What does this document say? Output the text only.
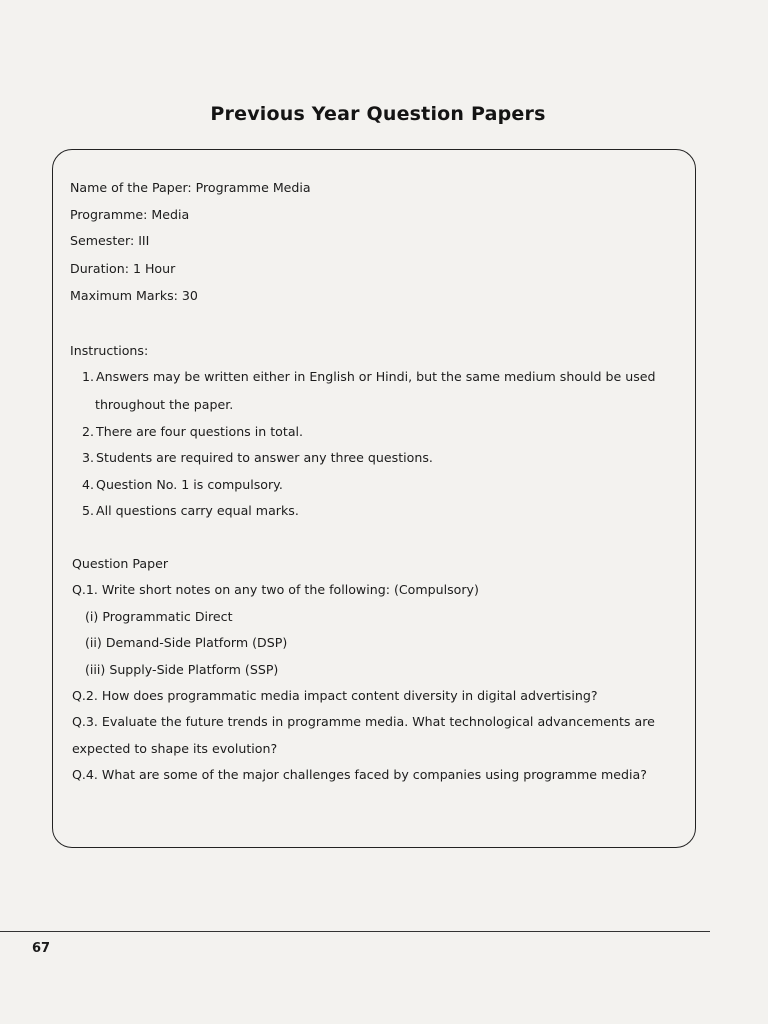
Previous Year Question Papers
Name of the Paper: Programme Media
Programme: Media
Semester: III
Duration: 1 Hour
Maximum Marks: 30
Instructions:
1. Answers may be written either in English or Hindi, but the same medium should be used
throughout the paper.
2. There are four questions in total.
3. Students are required to answer any three questions.
4. Question No. 1 is compulsory.
5. All questions carry equal marks.
Question Paper
Q.1. Write short notes on any two of the following: (Compulsory)
(i) Programmatic Direct
(ii) Demand-Side Platform (DSP)
(iii) Supply-Side Platform (SSP)
Q.2. How does programmatic media impact content diversity in digital advertising?
Q.3. Evaluate the future trends in programme media. What technological advancements are
expected to shape its evolution?
Q.4. What are some of the major challenges faced by companies using programme media?
67
